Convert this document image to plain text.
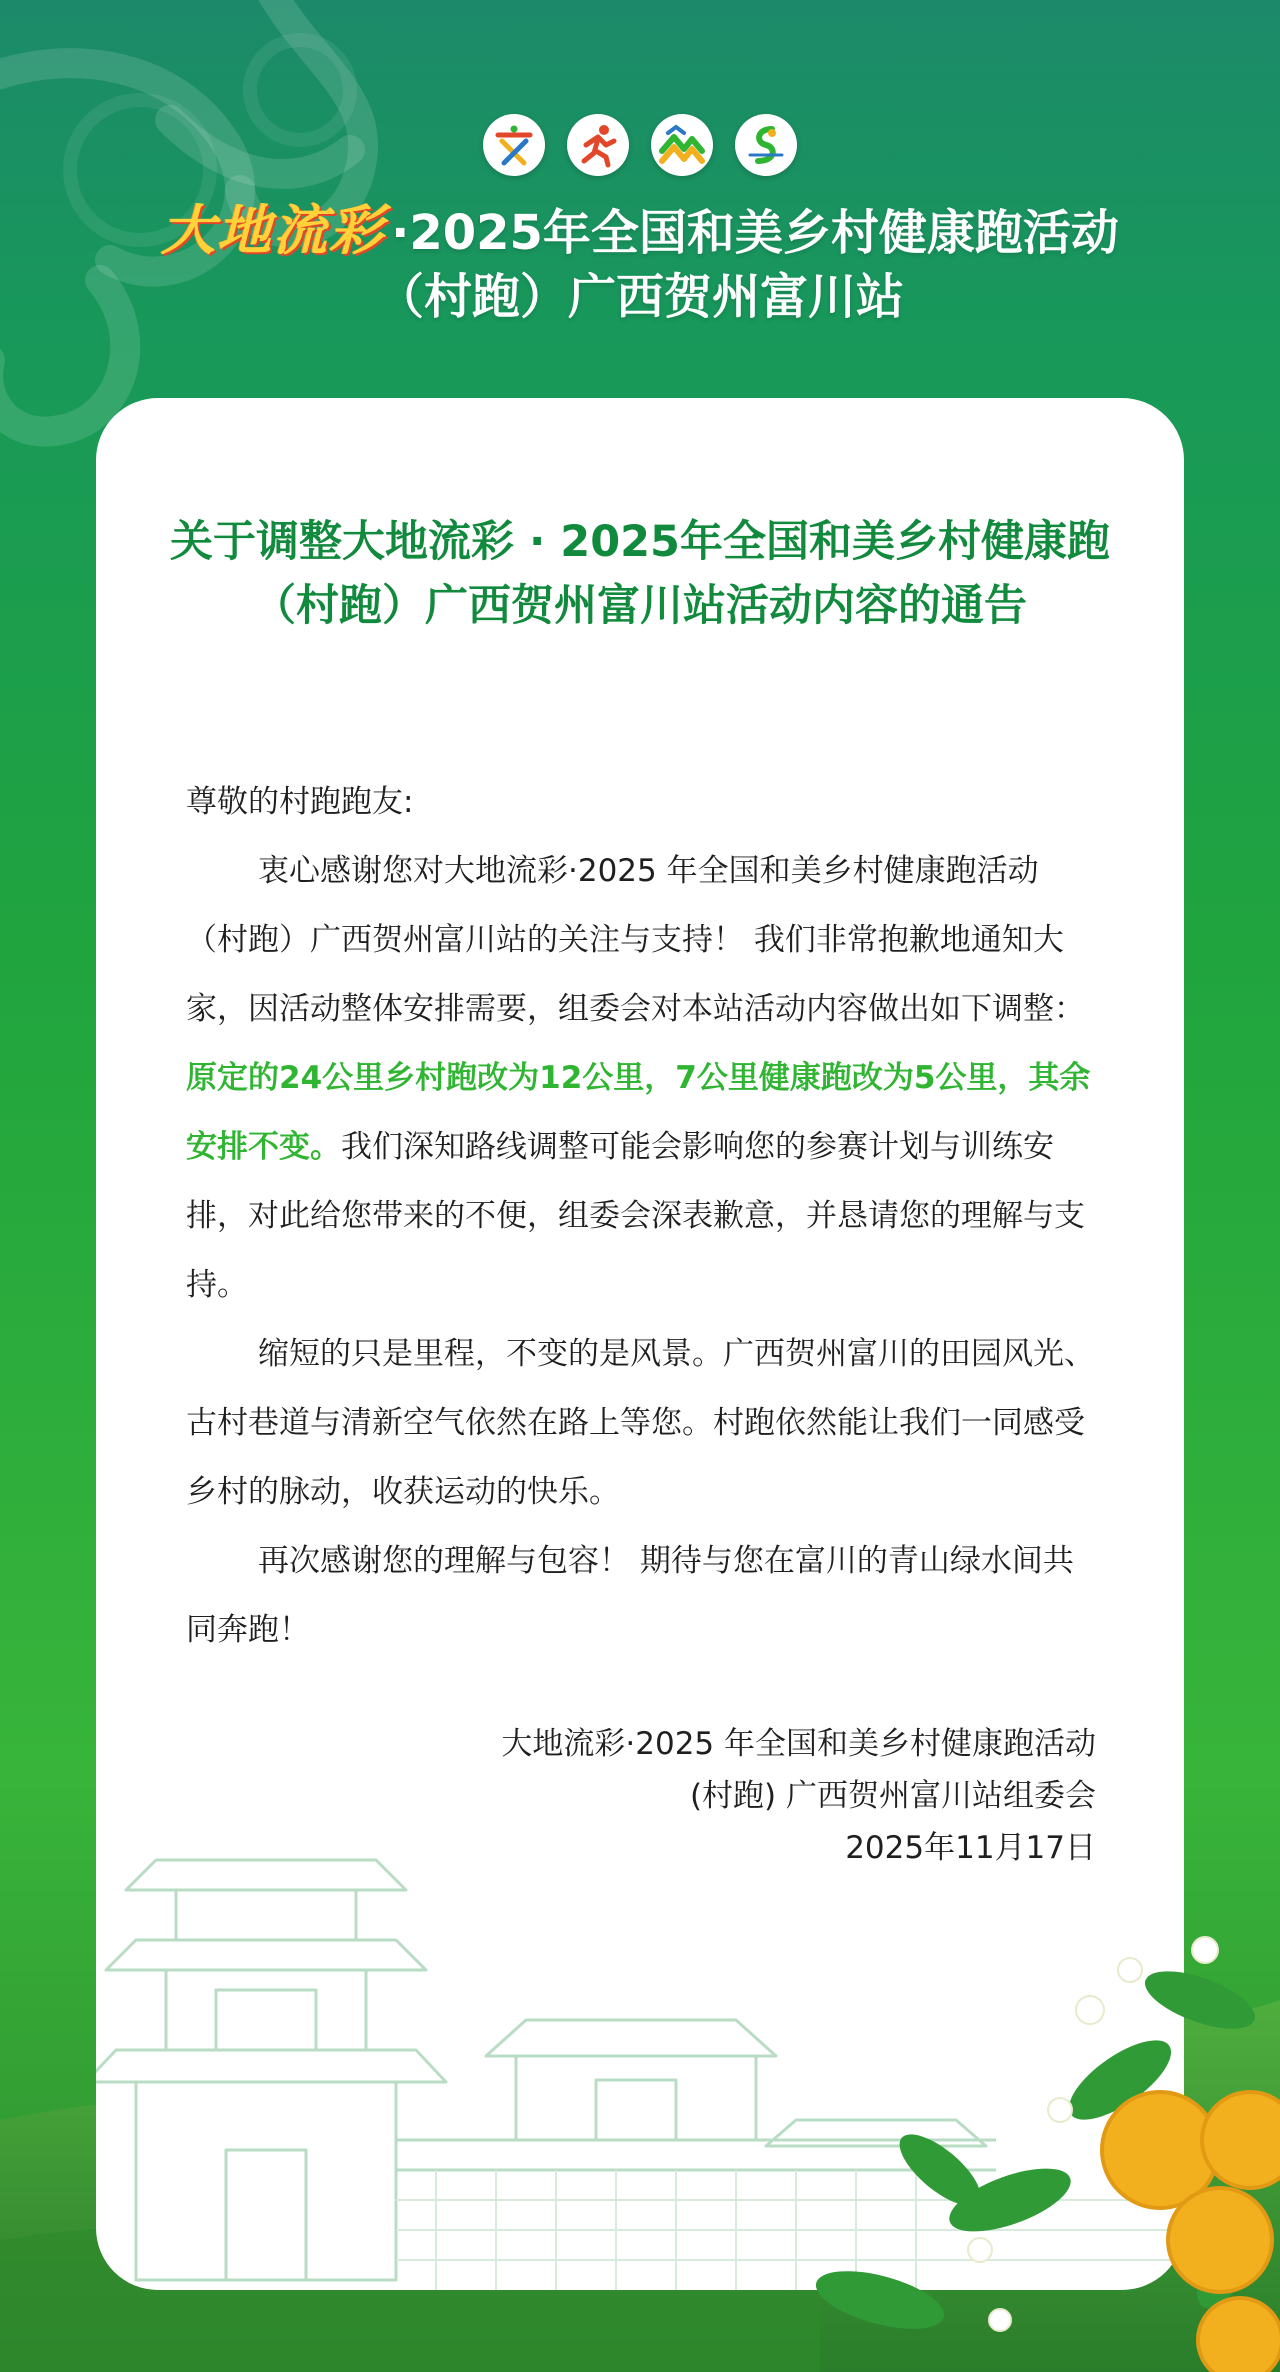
大地流彩 ·2025年全国和美乡村健康跑活动
（村跑）广西贺州富川站
关于调整大地流彩 · 2025年全国和美乡村健康跑
（村跑）广西贺州富川站活动内容的通告

尊敬的村跑跑友:

衷心感谢您对大地流彩·2025 年全国和美乡村健康跑活动（村跑）广西贺州富川站的关注与支持！ 我们非常抱歉地通知大家，因活动整体安排需要，组委会对本站活动内容做出如下调整：原定的24公里乡村跑改为12公里，7公里健康跑改为5公里，其余安排不变。我们深知路线调整可能会影响您的参赛计划与训练安排，对此给您带来的不便，组委会深表歉意，并恳请您的理解与支持。

缩短的只是里程，不变的是风景。广西贺州富川的田园风光、古村巷道与清新空气依然在路上等您。村跑依然能让我们一同感受乡村的脉动，收获运动的快乐。

再次感谢您的理解与包容！ 期待与您在富川的青山绿水间共同奔跑！

大地流彩·2025 年全国和美乡村健康跑活动
(村跑) 广西贺州富川站组委会
2025年11月17日
